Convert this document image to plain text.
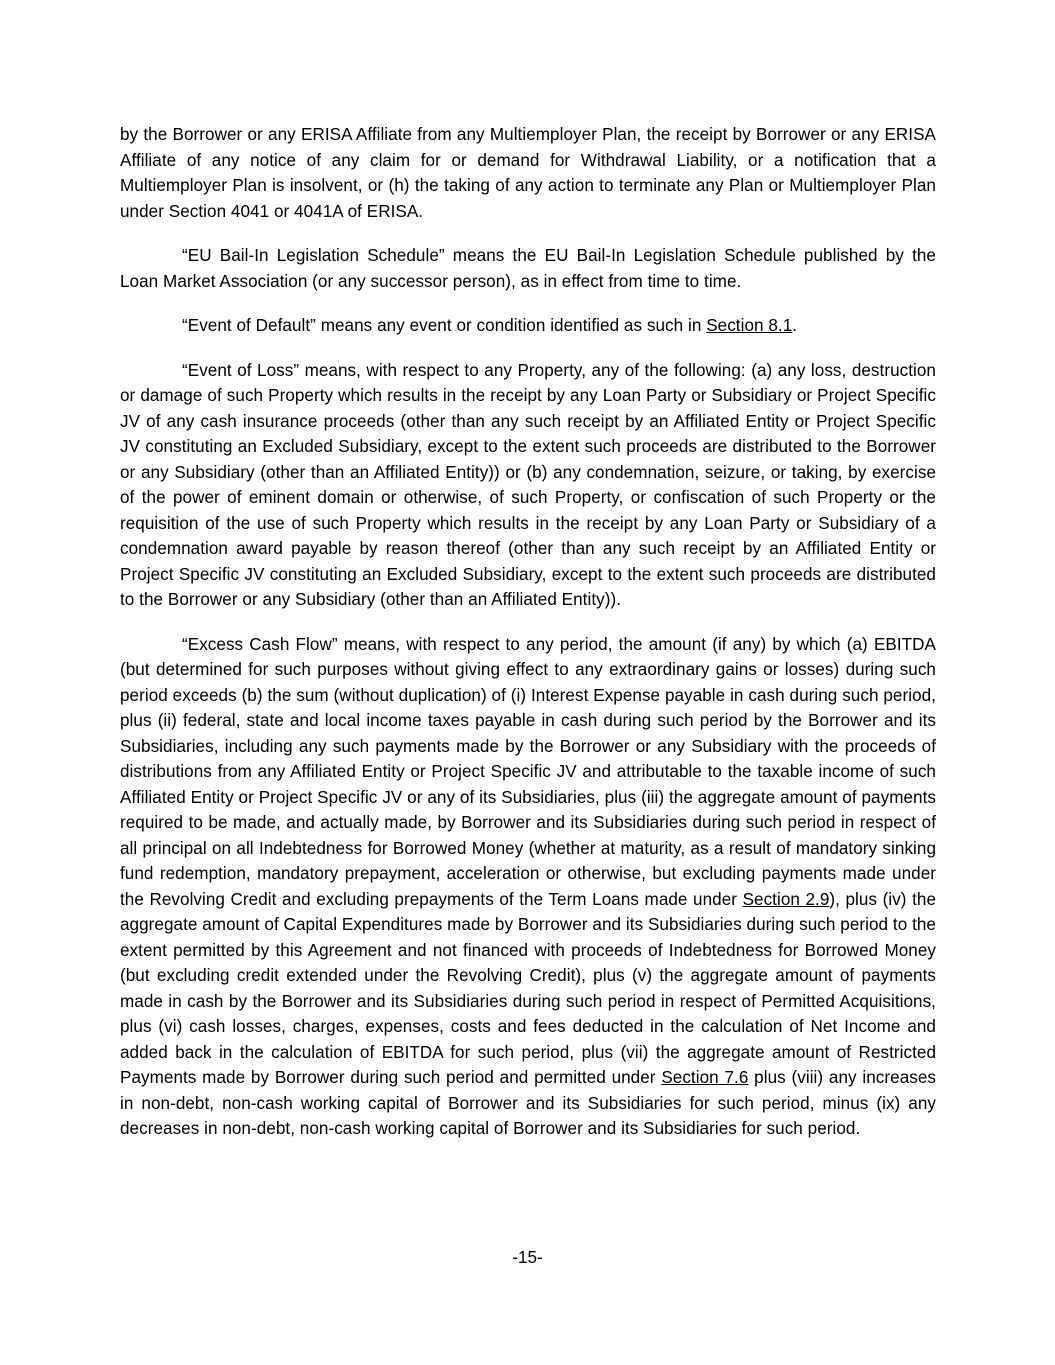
by the Borrower or any ERISA Affiliate from any Multiemployer Plan, the receipt by Borrower or any ERISA Affiliate of any notice of any claim for or demand for Withdrawal Liability, or a notification that a Multiemployer Plan is insolvent, or (h) the taking of any action to terminate any Plan or Multiemployer Plan under Section 4041 or 4041A of ERISA.

“EU Bail-In Legislation Schedule” means the EU Bail-In Legislation Schedule published by the Loan Market Association (or any successor person), as in effect from time to time.

“Event of Default” means any event or condition identified as such in Section 8.1.

“Event of Loss” means, with respect to any Property, any of the following: (a) any loss, destruction or damage of such Property which results in the receipt by any Loan Party or Subsidiary or Project Specific JV of any cash insurance proceeds (other than any such receipt by an Affiliated Entity or Project Specific JV constituting an Excluded Subsidiary, except to the extent such proceeds are distributed to the Borrower or any Subsidiary (other than an Affiliated Entity)) or (b) any condemnation, seizure, or taking, by exercise of the power of eminent domain or otherwise, of such Property, or confiscation of such Property or the requisition of the use of such Property which results in the receipt by any Loan Party or Subsidiary of a condemnation award payable by reason thereof (other than any such receipt by an Affiliated Entity or Project Specific JV constituting an Excluded Subsidiary, except to the extent such proceeds are distributed to the Borrower or any Subsidiary (other than an Affiliated Entity)).

“Excess Cash Flow” means, with respect to any period, the amount (if any) by which (a) EBITDA (but determined for such purposes without giving effect to any extraordinary gains or losses) during such period exceeds (b) the sum (without duplication) of (i) Interest Expense payable in cash during such period, plus (ii) federal, state and local income taxes payable in cash during such period by the Borrower and its Subsidiaries, including any such payments made by the Borrower or any Subsidiary with the proceeds of distributions from any Affiliated Entity or Project Specific JV and attributable to the taxable income of such Affiliated Entity or Project Specific JV or any of its Subsidiaries, plus (iii) the aggregate amount of payments required to be made, and actually made, by Borrower and its Subsidiaries during such period in respect of all principal on all Indebtedness for Borrowed Money (whether at maturity, as a result of mandatory sinking fund redemption, mandatory prepayment, acceleration or otherwise, but excluding payments made under the Revolving Credit and excluding prepayments of the Term Loans made under Section 2.9), plus (iv) the aggregate amount of Capital Expenditures made by Borrower and its Subsidiaries during such period to the extent permitted by this Agreement and not financed with proceeds of Indebtedness for Borrowed Money (but excluding credit extended under the Revolving Credit), plus (v) the aggregate amount of payments made in cash by the Borrower and its Subsidiaries during such period in respect of Permitted Acquisitions, plus (vi) cash losses, charges, expenses, costs and fees deducted in the calculation of Net Income and added back in the calculation of EBITDA for such period, plus (vii) the aggregate amount of Restricted Payments made by Borrower during such period and permitted under Section 7.6 plus (viii) any increases in non-debt, non-cash working capital of Borrower and its Subsidiaries for such period, minus (ix) any decreases in non-debt, non-cash working capital of Borrower and its Subsidiaries for such period.

-15-
